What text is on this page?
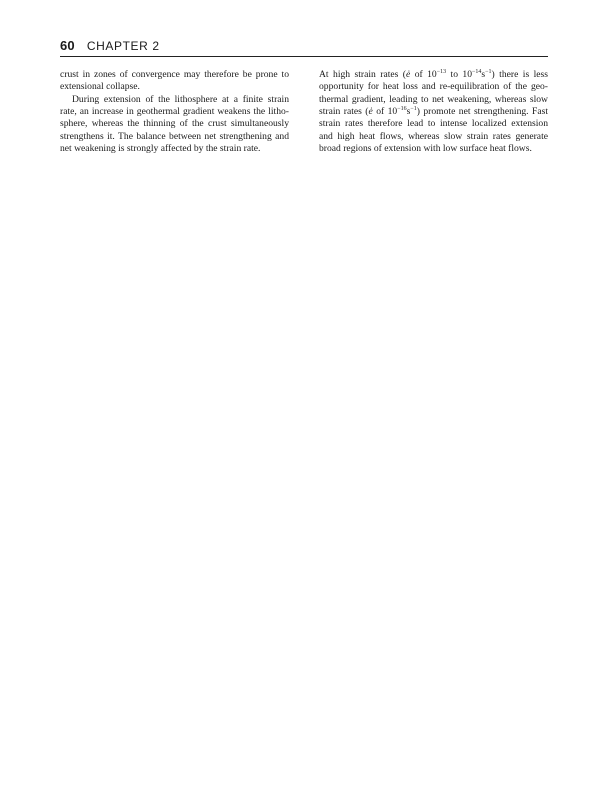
60 CHAPTER 2

crust in zones of convergence may therefore be prone to extensional collapse.

During extension of the lithosphere at a finite strain rate, an increase in geothermal gradient weakens the lithosphere, whereas the thinning of the crust simultaneously strengthens it. The balance between net strengthening and net weakening is strongly affected by the strain rate.

At high strain rates (ė of $10^{-13}$ to $10^{-14}s^{-1}$) there is less opportunity for heat loss and re-equilibration of the geothermal gradient, leading to net weakening, whereas slow strain rates (ė of $10^{-16}s^{-1}$) promote net strengthening. Fast strain rates therefore lead to intense localized extension and high heat flows, whereas slow strain rates generate broad regions of extension with low surface heat flows.
